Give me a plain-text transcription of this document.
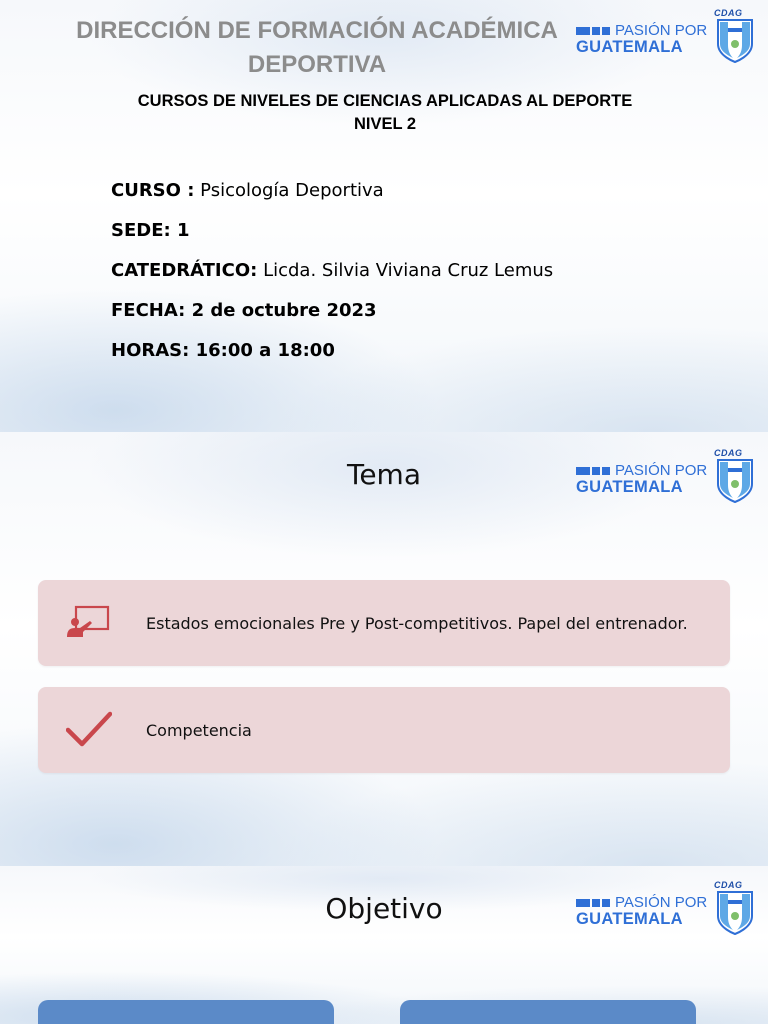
DIRECCIÓN DE FORMACIÓN ACADÉMICA
DEPORTIVA
PASIÓN POR
GUATEMALA
CDAG
CURSOS DE NIVELES DE CIENCIAS APLICADAS AL DEPORTE
NIVEL 2
CURSO : Psicología Deportiva
SEDE: 1
CATEDRÁTICO: Licda. Silvia Viviana Cruz Lemus
FECHA: 2 de octubre 2023
HORAS: 16:00 a 18:00
Tema	PASIÓN POR
GUATEMALA
CDAG
Estados emocionales Pre y Post-competitivos. Papel del entrenador.
Competencia
Objetivo	PASIÓN POR
GUATEMALA
CDAG
